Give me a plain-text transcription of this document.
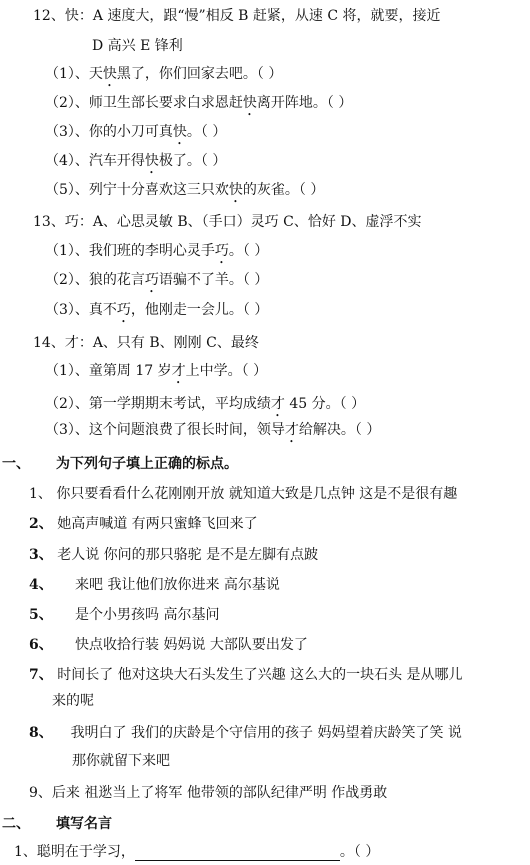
12、快：A 速度大，跟“慢”相反 B 赶紧，从速 C 将，就要，接近
D 高兴 E 锋利
（1）、天快黑了，你们回家去吧。（ ）
（2）、师卫生部长要求白求恩赶快离开阵地。（ ）
（3）、你的小刀可真快。（ ）
（4）、汽车开得快极了。（ ）
（5）、列宁十分喜欢这三只欢快的灰雀。（ ）
13、巧：A、心思灵敏 B、（手口）灵巧 C、恰好 D、虚浮不实
（1）、我们班的李明心灵手巧。（ ）
（2）、狼的花言巧语骗不了羊。（ ）
（3）、真不巧，他刚走一会儿。（ ）
14、才：A、只有 B、刚刚 C、最终
（1）、童第周 17 岁才上中学。（ ）
（2）、第一学期期末考试，平均成绩才 45 分。（ ）
（3）、这个问题浪费了很长时间，领导才给解决。（ ）
一、 为下列句子填上正确的标点。
1、 你只要看看什么花刚刚开放 就知道大致是几点钟 这是不是很有趣
2、 她高声喊道 有两只蜜蜂飞回来了
3、 老人说 你问的那只骆驼 是不是左脚有点跛
4、 来吧 我让他们放你进来 高尔基说
5、 是个小男孩吗 高尔基问
6、 快点收拾行装 妈妈说 大部队要出发了
7、 时间长了 他对这块大石头发生了兴趣 这么大的一块石头 是从哪儿
来的呢
8、 我明白了 我们的庆龄是个守信用的孩子 妈妈望着庆龄笑了笑 说
那你就留下来吧
9、后来 祖逖当上了将军 他带领的部队纪律严明 作战勇敢
二、 填写名言
1、聪明在于学习，	。（ ）
